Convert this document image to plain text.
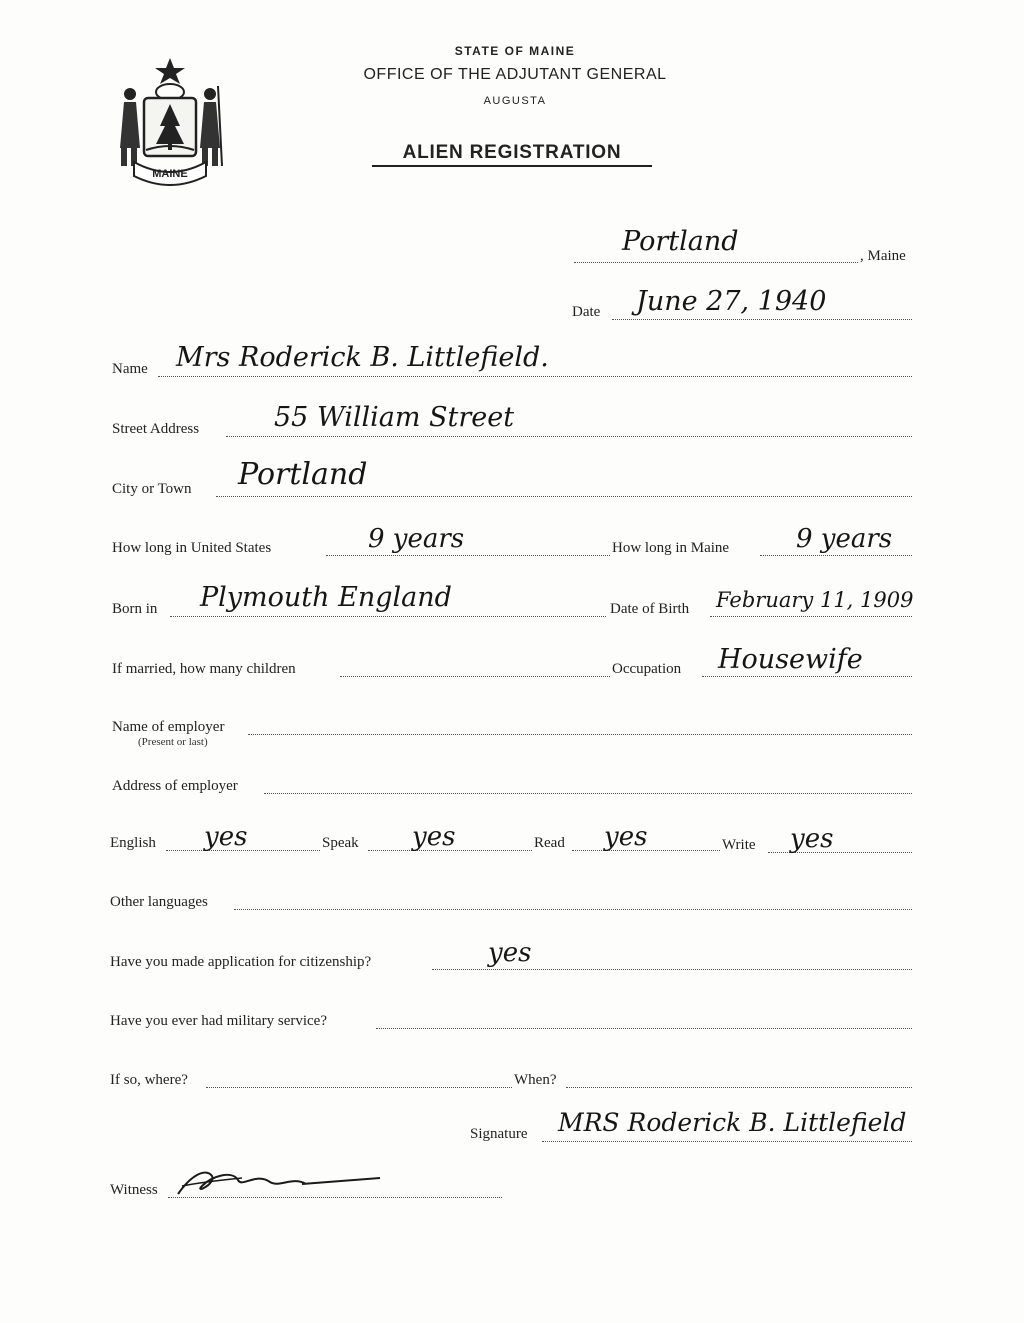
MAINE
STATE OF MAINE
OFFICE OF THE ADJUTANT GENERAL
AUGUSTA
ALIEN REGISTRATION
Portland	, Maine
Date June 27, 1940
Name Mrs Roderick B. Littlefield.
Street Address	55 William Street
City or Town Portland
How long in United States	9 years	How long in Maine	9 years
Born in Plymouth England	Date of Birth February 11, 1909
If married, how many children	Occupation Housewife
Name of employer
(Present or last)
Address of employer
English yes	Speak yes	Read yes	Write yes
Other languages
Have you made application for citizenship?	yes
Have you ever had military service?
If so, where?	When?
Signature MRS Roderick B. Littlefield
Witness
